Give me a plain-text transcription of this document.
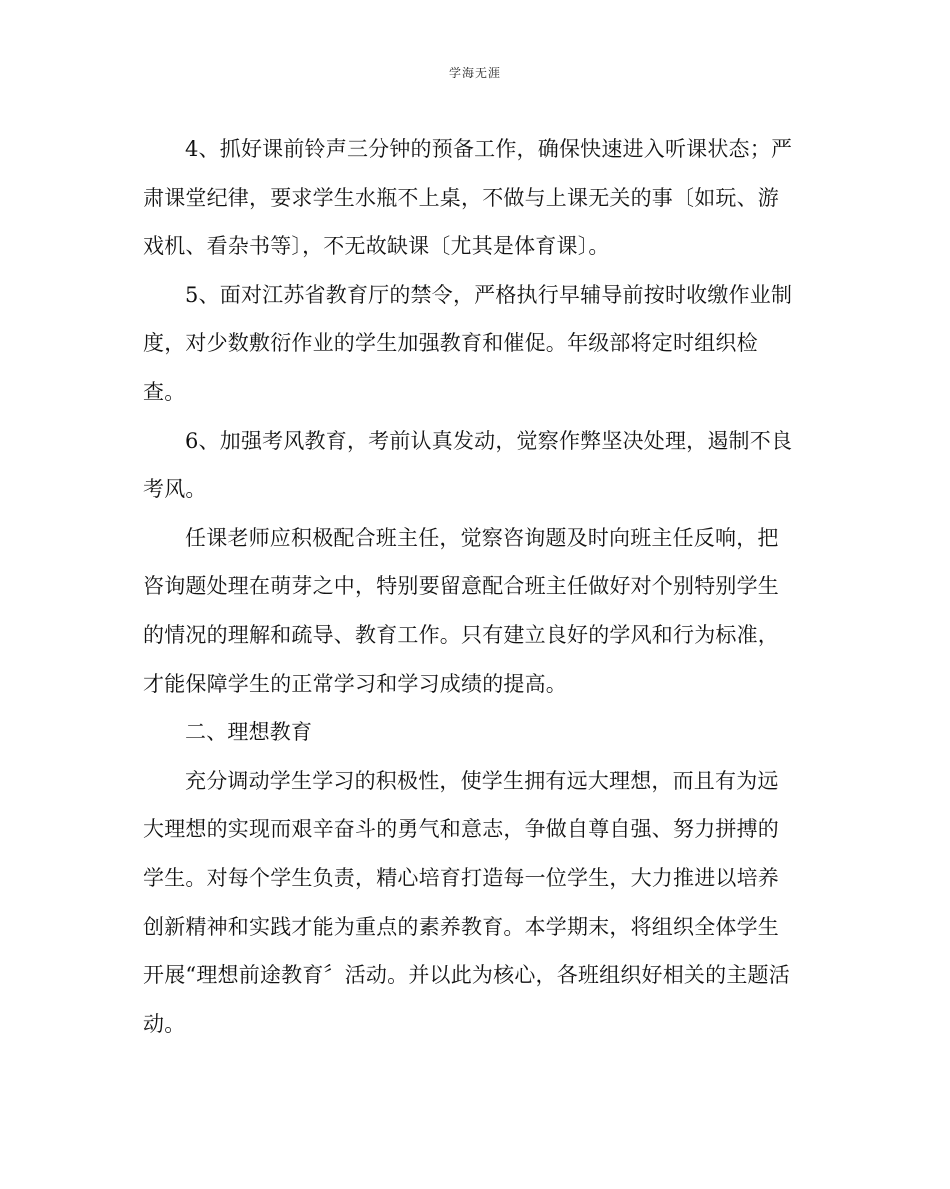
学海无涯

4、抓好课前铃声三分钟的预备工作，确保快速进入听课状态；严
肃课堂纪律，要求学生水瓶不上桌，不做与上课无关的事〔如玩、游
戏机、看杂书等〕，不无故缺课〔尤其是体育课〕。

5、面对江苏省教育厅的禁令，严格执行早辅导前按时收缴作业制
度，对少数敷衍作业的学生加强教育和催促。年级部将定时组织检
查。

6、加强考风教育，考前认真发动，觉察作弊坚决处理，遏制不良
考风。

任课老师应积极配合班主任，觉察咨询题及时向班主任反响，把
咨询题处理在萌芽之中，特别要留意配合班主任做好对个别特别学生
的情况的理解和疏导、教育工作。只有建立良好的学风和行为标准，
才能保障学生的正常学习和学习成绩的提高。

二、理想教育

充分调动学生学习的积极性，使学生拥有远大理想，而且有为远
大理想的实现而艰辛奋斗的勇气和意志，争做自尊自强、努力拼搏的
学生。对每个学生负责，精心培育打造每一位学生，大力推进以培养
创新精神和实践才能为重点的素养教育。本学期末，将组织全体学生
开展“理想前途教育〞活动。并以此为核心，各班组织好相关的主题活
动。
